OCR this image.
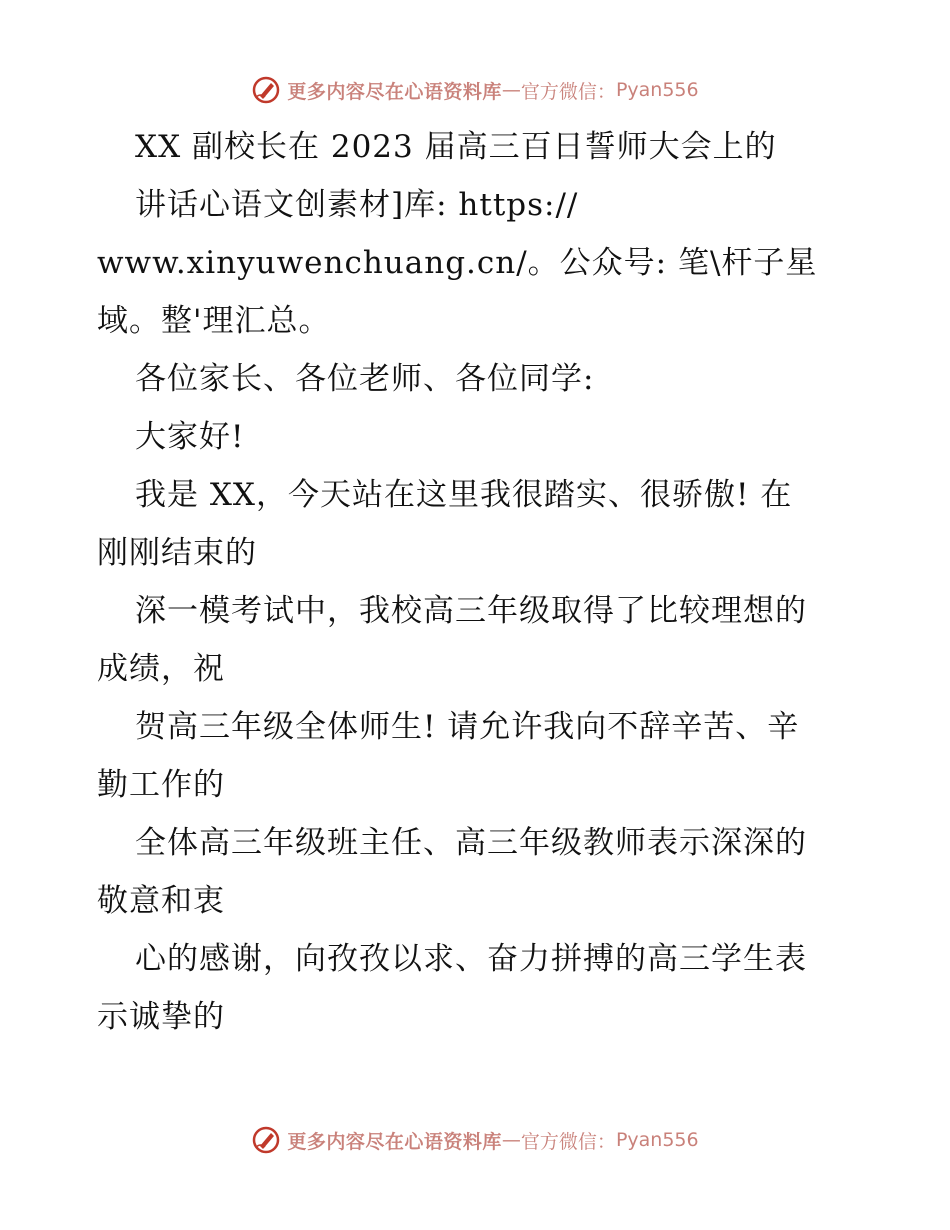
更多内容尽在心语资料库 — 官方微信： Pyan556
XX 副校长在 2023 届高三百日誓师大会上的
讲话心语文创素材]库: https://
www.xinyuwenchuang.cn/。公众号: 笔\杆子星
域。整'理汇总。
各位家长、各位老师、各位同学:
大家好!
我是 XX，今天站在这里我很踏实、很骄傲! 在
刚刚结束的
深一模考试中，我校高三年级取得了比较理想的
成绩，祝
贺高三年级全体师生! 请允许我向不辞辛苦、辛
勤工作的
全体高三年级班主任、高三年级教师表示深深的
敬意和衷
心的感谢，向孜孜以求、奋力拼搏的高三学生表
示诚挚的
更多内容尽在心语资料库 — 官方微信： Pyan556
